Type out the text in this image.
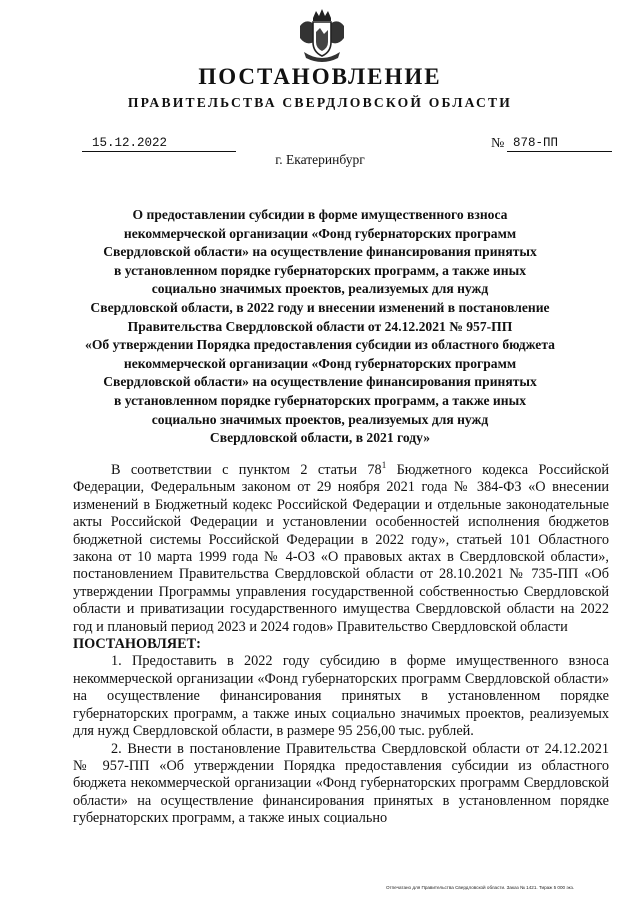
ПОСТАНОВЛЕНИЕ
ПРАВИТЕЛЬСТВА СВЕРДЛОВСКОЙ ОБЛАСТИ
15.12.2022	№ 878-ПП
г. Екатеринбург
О предоставлении субсидии в форме имущественного взноса
некоммерческой организации «Фонд губернаторских программ
Свердловской области» на осуществление финансирования принятых
в установленном порядке губернаторских программ, а также иных
социально значимых проектов, реализуемых для нужд
Свердловской области, в 2022 году и внесении изменений в постановление
Правительства Свердловской области от 24.12.2021 № 957-ПП
«Об утверждении Порядка предоставления субсидии из областного бюджета
некоммерческой организации «Фонд губернаторских программ
Свердловской области» на осуществление финансирования принятых
в установленном порядке губернаторских программ, а также иных
социально значимых проектов, реализуемых для нужд
Свердловской области, в 2021 году»

В соответствии с пунктом 2 статьи $78^1$ Бюджетного кодекса Российской Федерации, Федеральным законом от 29 ноября 2021 года № 384-ФЗ «О внесении изменений в Бюджетный кодекс Российской Федерации и отдельные законодательные акты Российской Федерации и установлении особенностей исполнения бюджетов бюджетной системы Российской Федерации в 2022 году», статьей 101 Областного закона от 10 марта 1999 года № 4-ОЗ «О правовых актах в Свердловской области», постановлением Правительства Свердловской области от 28.10.2021 № 735-ПП «Об утверждении Программы управления государственной собственностью Свердловской области и приватизации государственного имущества Свердловской области на 2022 год и плановый период 2023 и 2024 годов» Правительство Свердловской области

ПОСТАНОВЛЯЕТ:

1. Предоставить в 2022 году субсидию в форме имущественного взноса некоммерческой организации «Фонд губернаторских программ Свердловской области» на осуществление финансирования принятых в установленном порядке губернаторских программ, а также иных социально значимых проектов, реализуемых для нужд Свердловской области, в размере 95 256,00 тыс. рублей.

2. Внести в постановление Правительства Свердловской области от 24.12.2021 № 957-ПП «Об утверждении Порядка предоставления субсидии из областного бюджета некоммерческой организации «Фонд губернаторских программ Свердловской области» на осуществление финансирования принятых в установленном порядке губернаторских программ, а также иных социально

Отпечатано для Правительства Свердловской области. Заказ № 1421. Тираж 5 000 экз.
